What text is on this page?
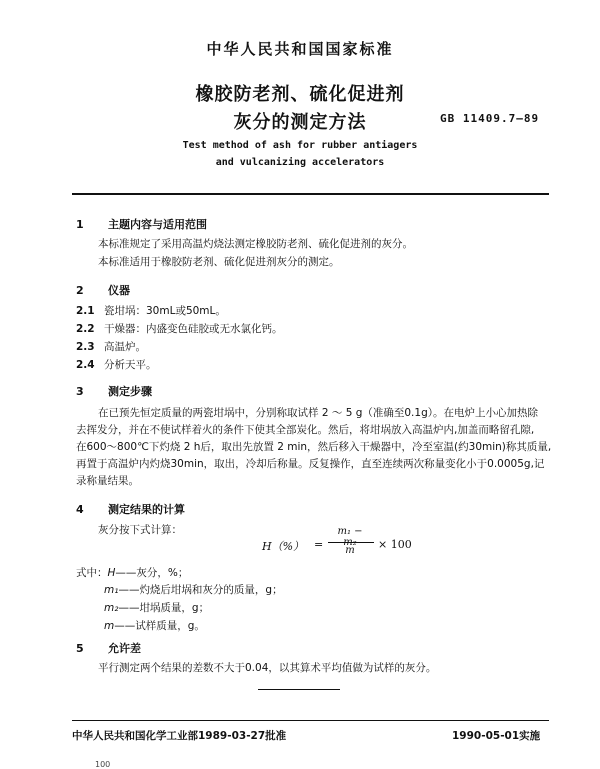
中华人民共和国国家标准
橡胶防老剂、硫化促进剂
灰分的测定方法	GB 11409.7—89
Test method of ash for rubber antiagers
and vulcanizing accelerators
1 主题内容与适用范围
本标准规定了采用高温灼烧法测定橡胶防老剂、硫化促进剂的灰分。
本标准适用于橡胶防老剂、硫化促进剂灰分的测定。
2 仪器
2.1 瓷坩埚：30mL或50mL。
2.2 干燥器：内盛变色硅胶或无水氯化钙。
2.3 高温炉。
2.4 分析天平。
3 测定步骤
在已预先恒定质量的两瓷坩埚中，分别称取试样 2 ～ 5 g（准确至0.1g）。在电炉上小心加热除
去挥发分，并在不使试样着火的条件下使其全部炭化。然后，将坩埚放入高温炉内,加盖而略留孔隙,
在600～800℃下灼烧 2 h后，取出先放置 2 min，然后移入干燥器中，冷至室温(约30min)称其质量,
再置于高温炉内灼烧30min，取出，冷却后称量。反复操作，直至连续两次称量变化小于0.0005g,记
录称量结果。
4 测定结果的计算
灰分按下式计算：
H（%） =
m₁ −
m	× 100
式中：H——灰分，%；
m₁——灼烧后坩埚和灰分的质量，g；
m₂——坩埚质量，g；
m——试样质量，g。
5 允许差
平行测定两个结果的差数不大于0.04，以其算术平均值做为试样的灰分。
中华人民共和国化学工业部1989-03-27批准	1990-05-01实施
100
